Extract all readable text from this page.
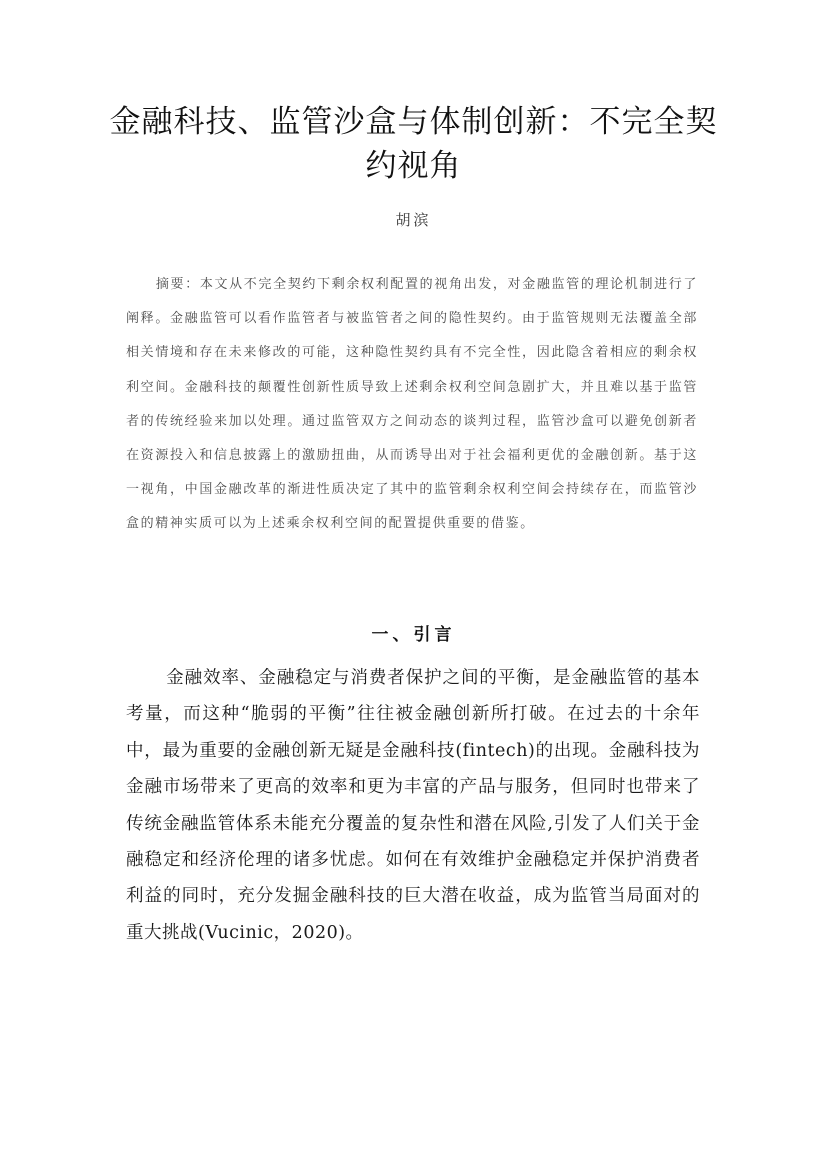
金融科技、监管沙盒与体制创新：不完全契约视角
胡滨

摘要：本文从不完全契约下剩余权利配置的视角出发，对金融监管的理论机制进行了阐释。金融监管可以看作监管者与被监管者之间的隐性契约。由于监管规则无法覆盖全部相关情境和存在未来修改的可能，这种隐性契约具有不完全性，因此隐含着相应的剩余权利空间。金融科技的颠覆性创新性质导致上述剩余权利空间急剧扩大，并且难以基于监管者的传统经验来加以处理。通过监管双方之间动态的谈判过程，监管沙盒可以避免创新者在资源投入和信息披露上的激励扭曲，从而诱导出对于社会福利更优的金融创新。基于这一视角，中国金融改革的渐进性质决定了其中的监管剩余权利空间会持续存在，而监管沙盒的精神实质可以为上述乘余权利空间的配置提供重要的借鉴。

一、引言

金融效率、金融稳定与消费者保护之间的平衡，是金融监管的基本考量，而这种“脆弱的平衡”往往被金融创新所打破。在过去的十余年中，最为重要的金融创新无疑是金融科技(fintech)的出现。金融科技为金融市场带来了更高的效率和更为丰富的产品与服务，但同时也带来了传统金融监管体系未能充分覆盖的复杂性和潜在风险,引发了人们关于金融稳定和经济伦理的诸多忧虑。如何在有效维护金融稳定并保护消费者利益的同时，充分发掘金融科技的巨大潜在收益，成为监管当局面对的重大挑战(Vucinic，2020)。
